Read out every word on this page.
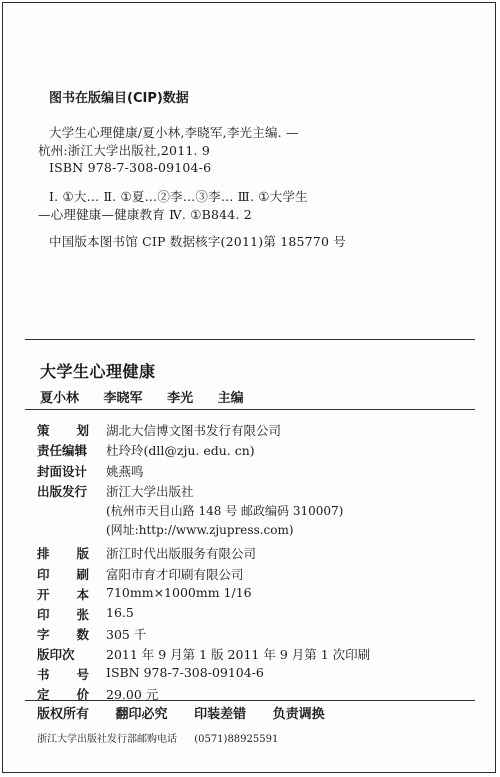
图书在版编目(CIP)数据
大学生心理健康/夏小林,李晓军,李光主编. —
杭州:浙江大学出版社,2011. 9
ISBN 978-7-308-09104-6
Ⅰ. ①大… Ⅱ. ①夏…②李…③李… Ⅲ. ①大学生
—心理健康—健康教育 Ⅳ. ①B844. 2
中国版本图书馆 CIP 数据核字(2011)第 185770 号
大学生心理健康
夏小林 李晓军 李光 主编
策 划 湖北大信博文图书发行有限公司
责任编辑 杜玲玲(dll@zju. edu. cn)
封面设计 姚燕鸣
出版发行 浙江大学出版社
(杭州市天目山路 148 号 邮政编码 310007)
(网址:http://www.zjupress.com)
排 版 浙江时代出版服务有限公司
印 刷 富阳市育才印刷有限公司
开 本 710mm×1000mm 1/16
印 张 16.5
字 数 305 千
版印次	2011 年 9 月第 1 版 2011 年 9 月第 1 次印刷
书 号 ISBN 978-7-308-09104-6
定 价 29.00 元
版权所有 翻印必究 印装差错 负责调换
浙江大学出版社发行部邮购电话 (0571)88925591
